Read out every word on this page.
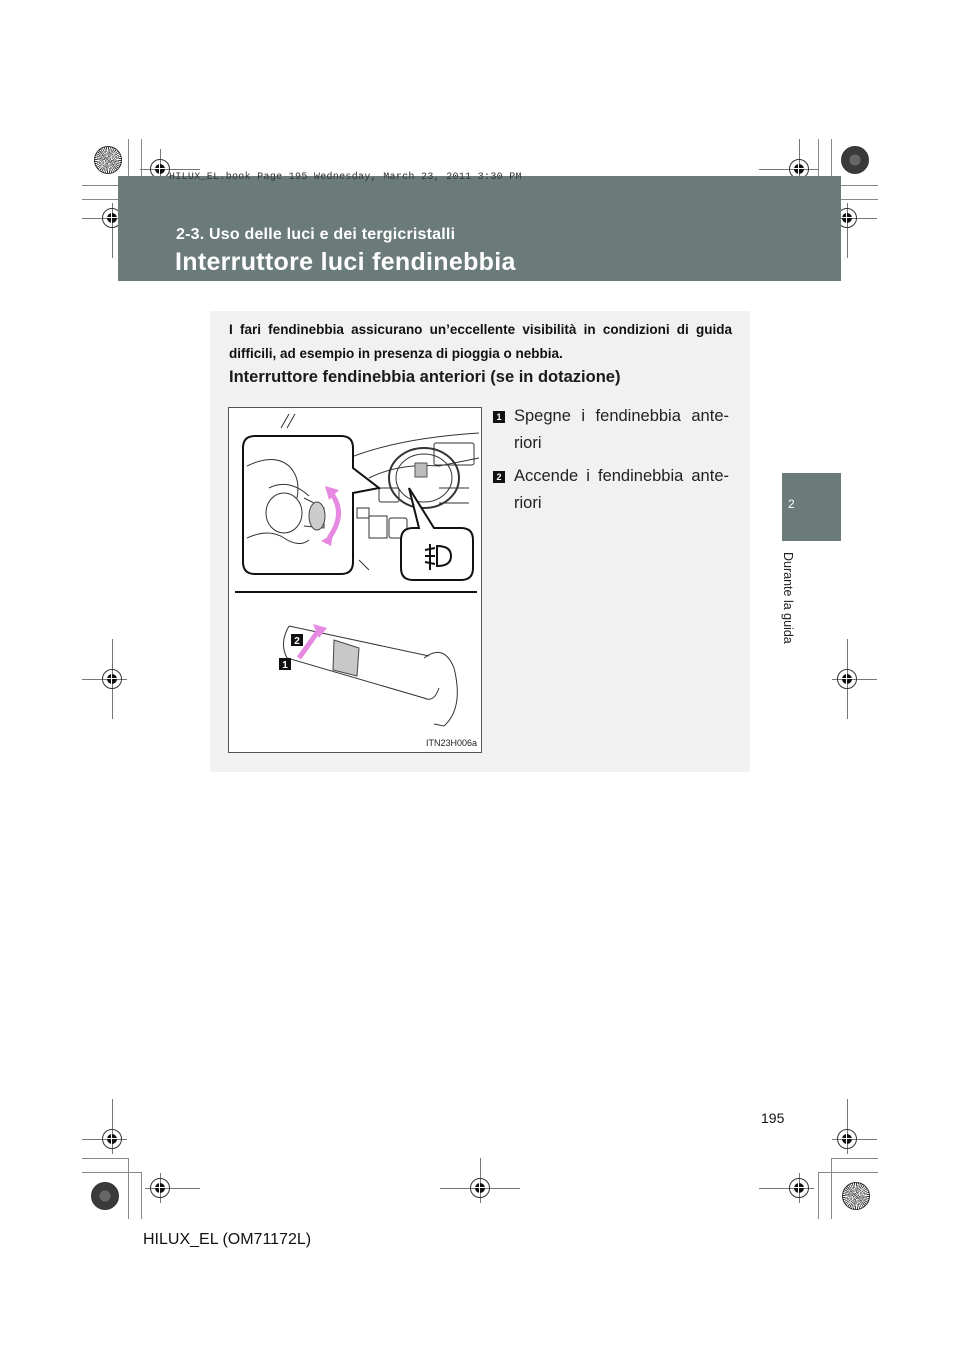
HILUX_EL.book Page 195 Wednesday, March 23, 2011 3:30 PM
2-3. Uso delle luci e dei tergicristalli
Interruttore luci fendinebbia
2
Durante la guida
I fari fendinebbia assicurano un’eccellente visibilità in condizioni di guida difficili, ad esempio in presenza di pioggia o nebbia.
Interruttore fendinebbia anteriori (se in dotazione)
2
1
ITN23H006a
1 Spegne i fendinebbia ante-riori
2 Accende i fendinebbia ante-riori
195
HILUX_EL (OM71172L)
